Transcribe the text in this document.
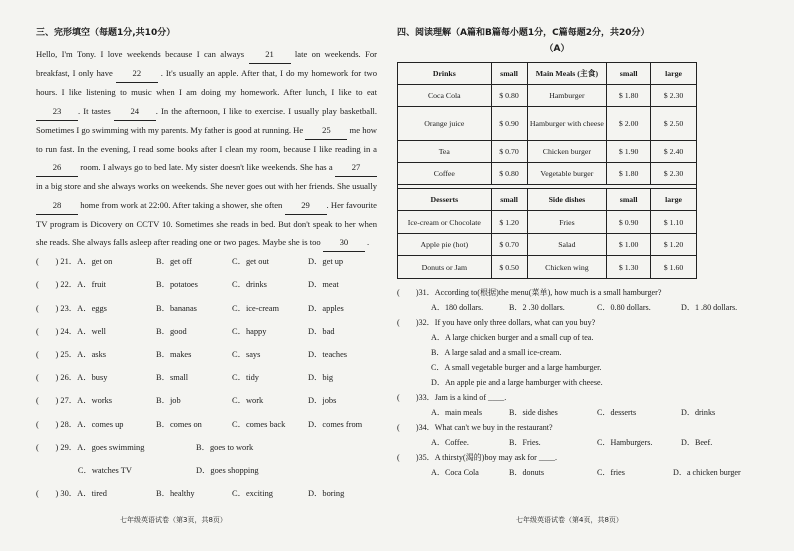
三、完形填空（每题1分,共10分）
Hello, I'm Tony. I love weekends because I can always 21 late on weekends. For breakfast, I only have 22 . It's usually an apple. After that, I do my homework for two hours. I like listening to music when I am doing my homework. After lunch, I like to eat 23 . It tastes 24 . In the afternoon, I like to exercise. I usually play basketball. Sometimes I go swimming with my parents. My father is good at running. He 25 me how to run fast. In the evening, I read some books after I clean my room, because I like reading in a 26 room. I always go to bed late. My sister doesn't like weekends. She has a 27 in a big store and she always works on weekends. She never goes out with her friends. She usually 28 home from work at 22:00. After taking a shower, she often 29 . Her favourite TV program is Dicovery on CCTV 10. Sometimes she reads in bed. But don't speak to her when she reads. She always falls asleep after reading one or two pages. Maybe she is too 30 .
(　　) 21．A．get on	B．get off	C．get out	D．get up
(　　) 22．A．fruit	B．potatoes	C．drinks	D．meat
(　　) 23．A．eggs	B．bananas	C．ice-cream	D．apples
(　　) 24．A．well	B．good	C．happy	D．bad
(　　) 25．A．asks	B．makes	C．says	D．teaches
(　　) 26．A．busy	B．small	C．tidy	D．big
(　　) 27．A．works	B．job	C．work	D．jobs
(　　) 28．A．comes up	B．comes on	C．comes back	D．comes from
(　　) 29．A．goes swimming	B．goes to work
　　　　　C．watches TV	D．goes shopping
(　　) 30．A．tired	B．healthy	C．exciting	D．boring
七年级英语试卷（第3页，共8页）
四、阅读理解（A篇和B篇每小题1分，C篇每题2分，共20分）
（A）
Drinks	small	Main Meals (主食)	small	large
Coca Cola	$ 0.80	Hamburger	$ 1.80	$ 2.30
Orange juice	$ 0.90	Hamburger with cheese	$ 2.00	$ 2.50
Tea	$ 0.70	Chicken burger	$ 1.90	$ 2.40
Coffee	$ 0.80	Vegetable burger	$ 1.80	$ 2.30
Desserts	small	Side dishes	small	large
Ice-cream or Chocolate	$ 1.20	Fries	$ 0.90	$ 1.10
Apple pie (hot)	$ 0.70	Salad	$ 1.00	$ 1.20
Donuts or Jam	$ 0.50	Chicken wing	$ 1.30	$ 1.60
(　　)31．According to(根据)the menu(菜单), how much is a small hamburger?
A．180 dollars.	B．2 .30 dollars.	C．0.80 dollars.	D．1 .80 dollars.
(　　)32．If you have only three dollars, what can you buy?
A．A large chicken burger and a small cup of tea.
B．A large salad and a small ice-cream.
C．A small vegetable burger and a large hamburger.
D．An apple pie and a large hamburger with cheese.
(　　)33．Jam is a kind of ____.
A．main meals	B．side dishes	C．desserts	D．drinks
(　　)34．What can't we buy in the restaurant?
A．Coffee.	B．Fries.	C．Hamburgers.	D．Beef.
(　　)35．A thirsty(渴的)boy may ask for ____.
A．Coca Cola	B．donuts	C．fries	D．a chicken burger
七年级英语试卷（第4页，共8页）
